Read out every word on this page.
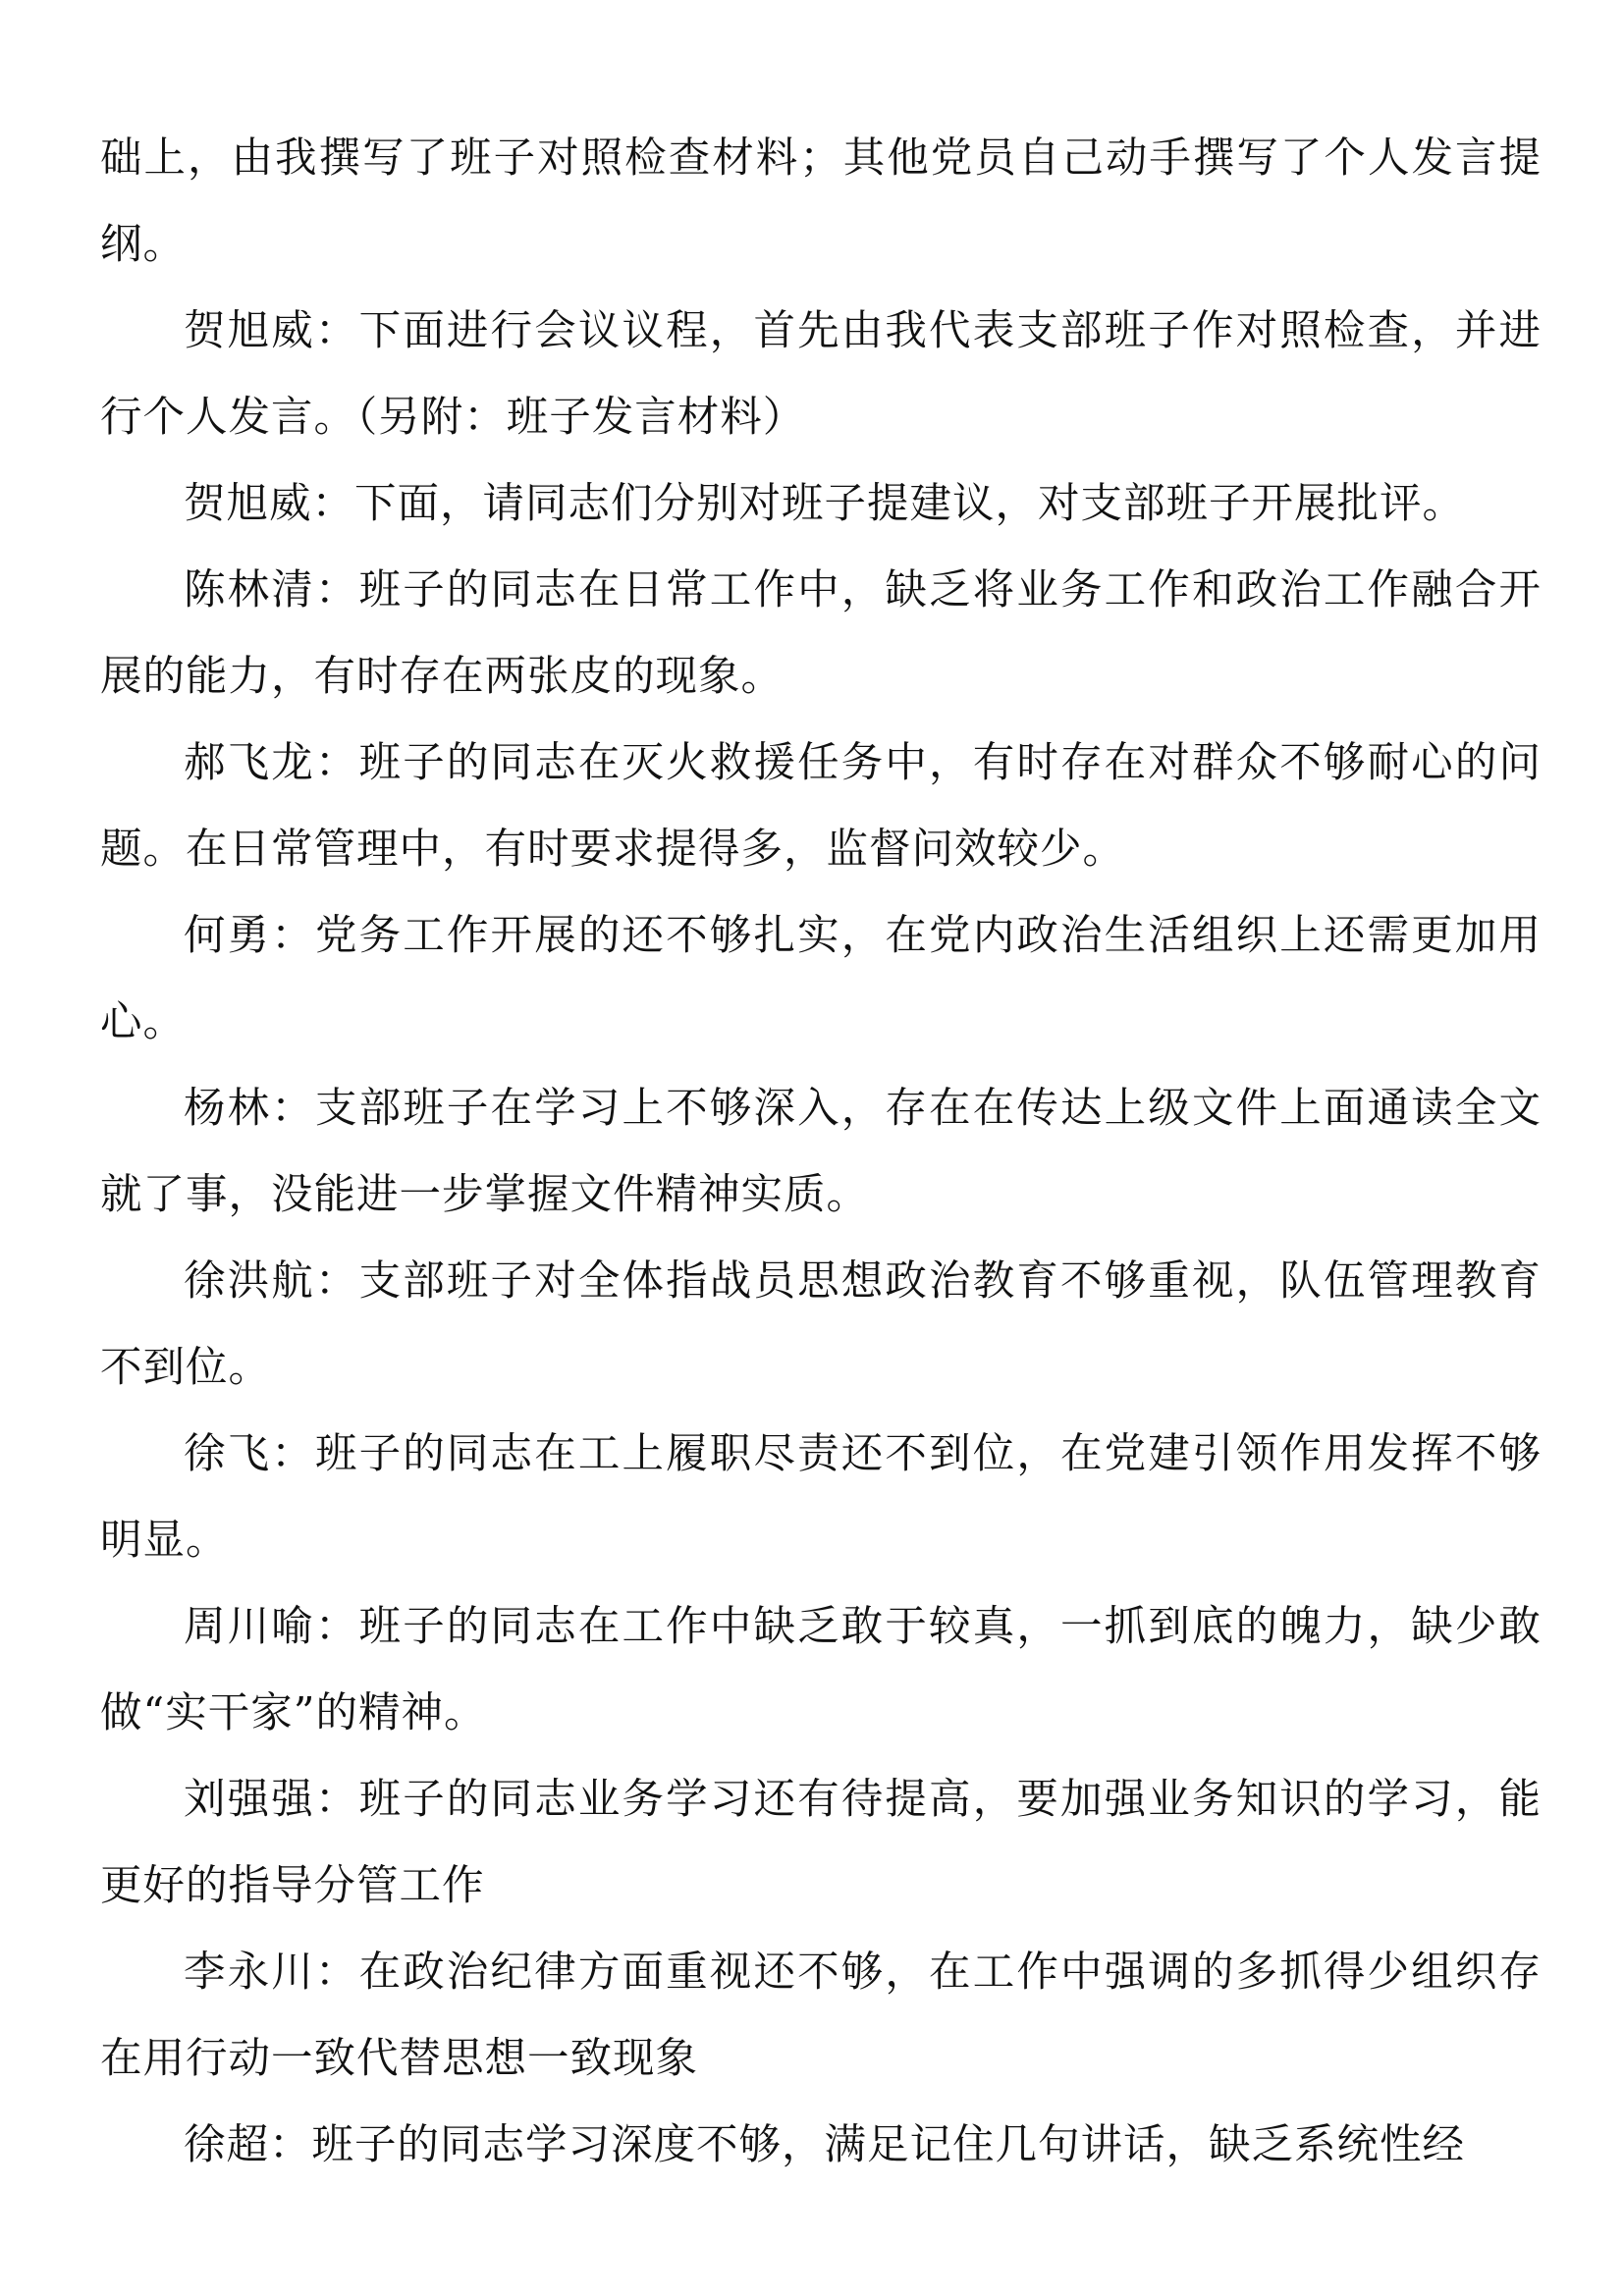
础上，由我撰写了班子对照检查材料；其他党员自己动手撰写了个人发言提纲。

贺旭威：下面进行会议议程，首先由我代表支部班子作对照检查，并进行个人发言。（另附：班子发言材料）

贺旭威：下面，请同志们分别对班子提建议，对支部班子开展批评。

陈林清：班子的同志在日常工作中，缺乏将业务工作和政治工作融合开展的能力，有时存在两张皮的现象。

郝飞龙：班子的同志在灭火救援任务中，有时存在对群众不够耐心的问题。在日常管理中，有时要求提得多，监督问效较少。

何勇：党务工作开展的还不够扎实，在党内政治生活组织上还需更加用心。

杨林：支部班子在学习上不够深入，存在在传达上级文件上面通读全文就了事，没能进一步掌握文件精神实质。

徐洪航：支部班子对全体指战员思想政治教育不够重视，队伍管理教育不到位。

徐飞：班子的同志在工上履职尽责还不到位，在党建引领作用发挥不够明显。

周川喻：班子的同志在工作中缺乏敢于较真，一抓到底的魄力，缺少敢做“实干家”的精神。

刘强强：班子的同志业务学习还有待提高，要加强业务知识的学习，能更好的指导分管工作

李永川：在政治纪律方面重视还不够，在工作中强调的多抓得少组织存在用行动一致代替思想一致现象

徐超：班子的同志学习深度不够，满足记住几句讲话，缺乏系统性经
